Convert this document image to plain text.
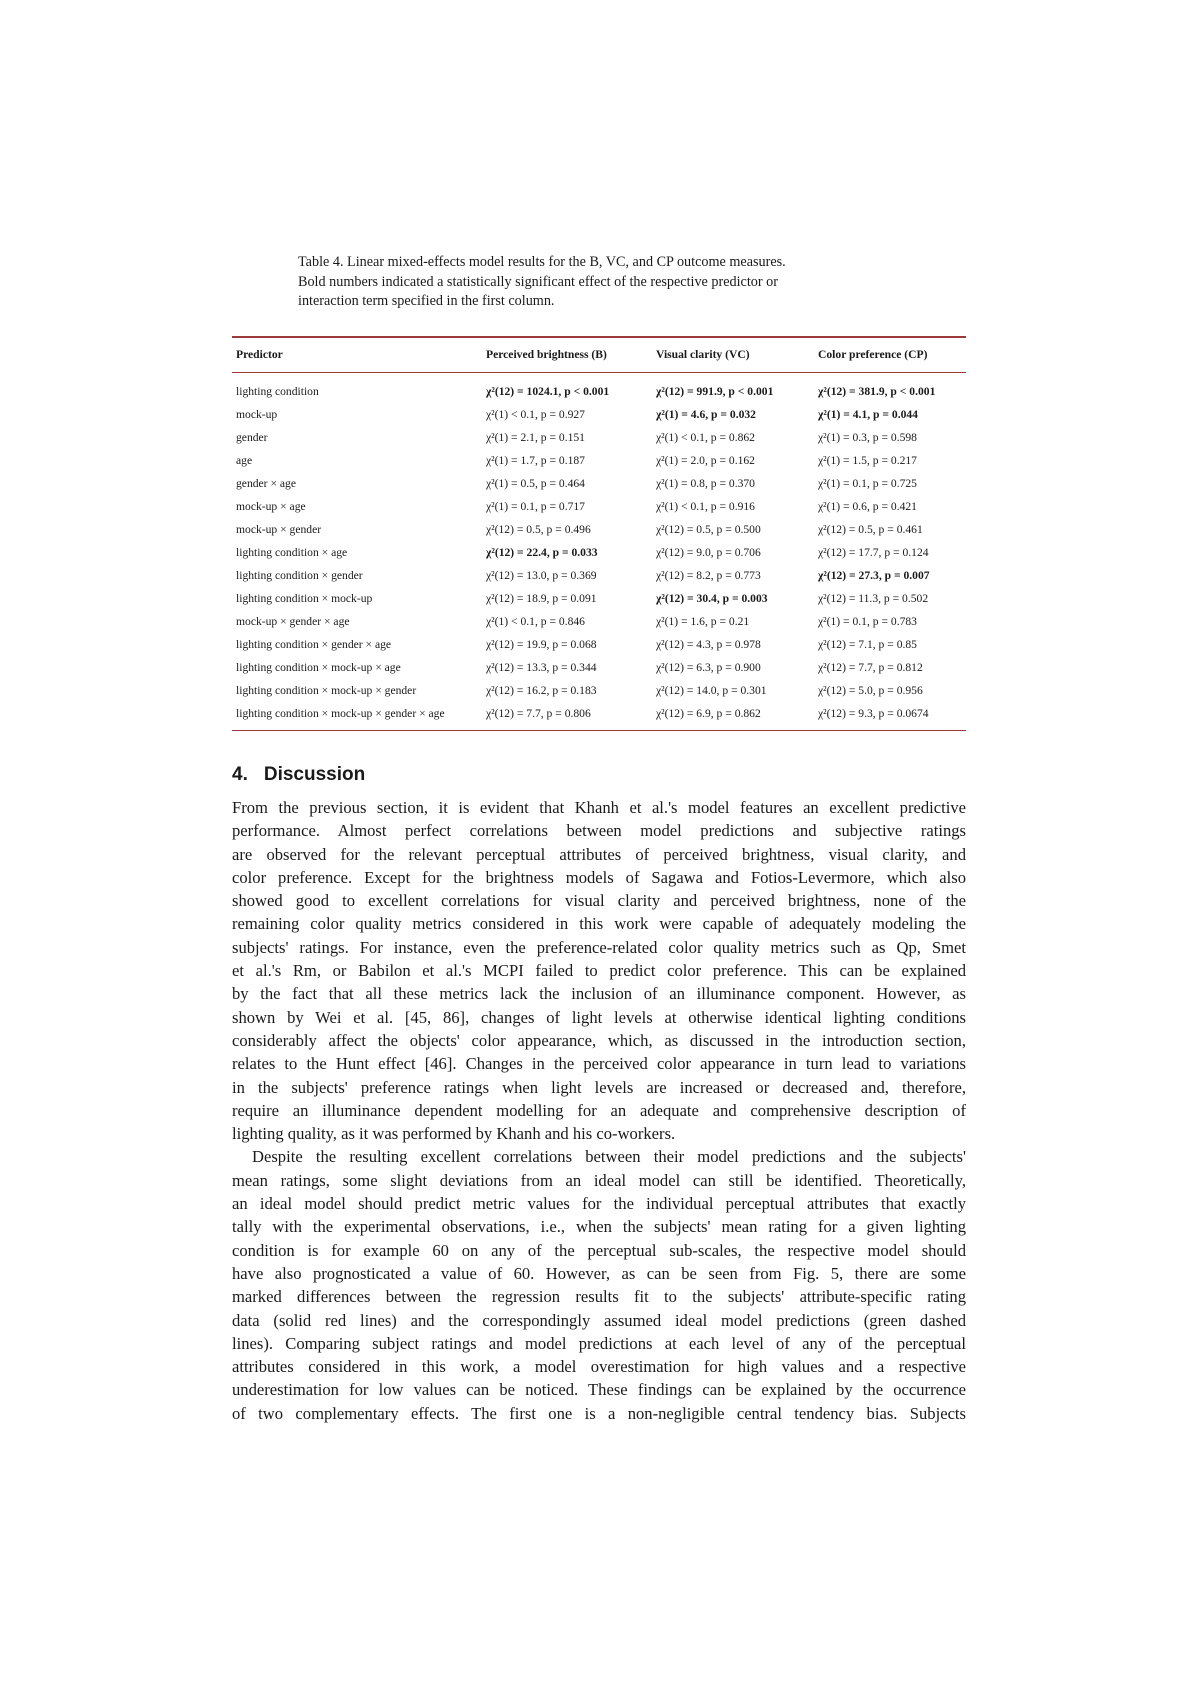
Table 4. Linear mixed-effects model results for the B, VC, and CP outcome measures.
Bold numbers indicated a statistically significant effect of the respective predictor or
interaction term specified in the first column.
Predictor	Perceived brightness (B)	Visual clarity (VC)	Color preference (CP)
lighting condition	χ²(12) = 1024.1, p < 0.001	χ²(12) = 991.9, p < 0.001	χ²(12) = 381.9, p < 0.001
mock-up	χ²(1) < 0.1, p = 0.927	χ²(1) = 4.6, p = 0.032	χ²(1) = 4.1, p = 0.044
gender	χ²(1) = 2.1, p = 0.151	χ²(1) < 0.1, p = 0.862	χ²(1) = 0.3, p = 0.598
age	χ²(1) = 1.7, p = 0.187	χ²(1) = 2.0, p = 0.162	χ²(1) = 1.5, p = 0.217
gender × age	χ²(1) = 0.5, p = 0.464	χ²(1) = 0.8, p = 0.370	χ²(1) = 0.1, p = 0.725
mock-up × age	χ²(1) = 0.1, p = 0.717	χ²(1) < 0.1, p = 0.916	χ²(1) = 0.6, p = 0.421
mock-up × gender	χ²(12) = 0.5, p = 0.496	χ²(12) = 0.5, p = 0.500	χ²(12) = 0.5, p = 0.461
lighting condition × age	χ²(12) = 22.4, p = 0.033	χ²(12) = 9.0, p = 0.706	χ²(12) = 17.7, p = 0.124
lighting condition × gender	χ²(12) = 13.0, p = 0.369	χ²(12) = 8.2, p = 0.773	χ²(12) = 27.3, p = 0.007
lighting condition × mock-up	χ²(12) = 18.9, p = 0.091	χ²(12) = 30.4, p = 0.003	χ²(12) = 11.3, p = 0.502
mock-up × gender × age	χ²(1) < 0.1, p = 0.846	χ²(1) = 1.6, p = 0.21	χ²(1) = 0.1, p = 0.783
lighting condition × gender × age	χ²(12) = 19.9, p = 0.068	χ²(12) = 4.3, p = 0.978	χ²(12) = 7.1, p = 0.85
lighting condition × mock-up × age	χ²(12) = 13.3, p = 0.344	χ²(12) = 6.3, p = 0.900	χ²(12) = 7.7, p = 0.812
lighting condition × mock-up × gender	χ²(12) = 16.2, p = 0.183	χ²(12) = 14.0, p = 0.301	χ²(12) = 5.0, p = 0.956
lighting condition × mock-up × gender × age	χ²(12) = 7.7, p = 0.806	χ²(12) = 6.9, p = 0.862	χ²(12) = 9.3, p = 0.0674
4. Discussion
From the previous section, it is evident that Khanh et al.'s model features an excellent predictive
performance. Almost perfect correlations between model predictions and subjective ratings
are observed for the relevant perceptual attributes of perceived brightness, visual clarity, and
color preference. Except for the brightness models of Sagawa and Fotios-Levermore, which also
showed good to excellent correlations for visual clarity and perceived brightness, none of the
remaining color quality metrics considered in this work were capable of adequately modeling the
subjects' ratings. For instance, even the preference-related color quality metrics such as Qp, Smet
et al.'s Rm, or Babilon et al.'s MCPI failed to predict color preference. This can be explained
by the fact that all these metrics lack the inclusion of an illuminance component. However, as
shown by Wei et al. [45, 86], changes of light levels at otherwise identical lighting conditions
considerably affect the objects' color appearance, which, as discussed in the introduction section,
relates to the Hunt effect [46]. Changes in the perceived color appearance in turn lead to variations
in the subjects' preference ratings when light levels are increased or decreased and, therefore,
require an illuminance dependent modelling for an adequate and comprehensive description of
lighting quality, as it was performed by Khanh and his co-workers.
Despite the resulting excellent correlations between their model predictions and the subjects'
mean ratings, some slight deviations from an ideal model can still be identified. Theoretically,
an ideal model should predict metric values for the individual perceptual attributes that exactly
tally with the experimental observations, i.e., when the subjects' mean rating for a given lighting
condition is for example 60 on any of the perceptual sub-scales, the respective model should
have also prognosticated a value of 60. However, as can be seen from Fig. 5, there are some
marked differences between the regression results fit to the subjects' attribute-specific rating
data (solid red lines) and the correspondingly assumed ideal model predictions (green dashed
lines). Comparing subject ratings and model predictions at each level of any of the perceptual
attributes considered in this work, a model overestimation for high values and a respective
underestimation for low values can be noticed. These findings can be explained by the occurrence
of two complementary effects. The first one is a non-negligible central tendency bias. Subjects
